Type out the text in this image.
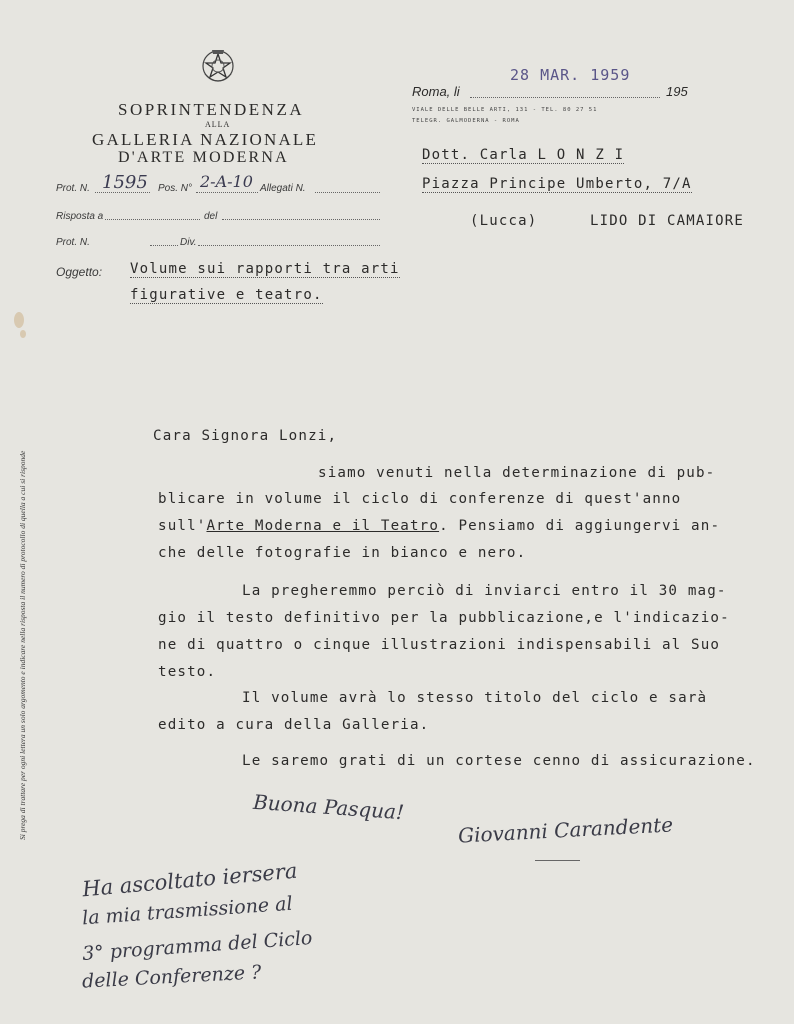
SOPRINTENDENZA
ALLA
GALLERIA NAZIONALE
D'ARTE MODERNA
Prot. N. 1595 Pos. N° 2-A-10 Allegati N.
Risposta a	del
Prot. N.	Div.
Oggetto: Volume sui rapporti tra arti
figurative e teatro.
Roma, li
28 MAR. 1959
195
VIALE DELLE BELLE ARTI, 131 - TEL. 80 27 51
TELEGR. GALMODERNA - ROMA
Dott. Carla L O N Z I
Piazza Principe Umberto, 7/A
(Lucca)	LIDO DI CAMAIORE
Si prega di trattare per ogni lettera un solo argomento e indicare nella risposta il numero di protocollo di quella a cui si risponde
Cara Signora Lonzi,
siamo venuti nella determinazione di pub-
blicare in volume il ciclo di conferenze di quest'anno
sull'Arte Moderna e il Teatro. Pensiamo di aggiungervi an-
che delle fotografie in bianco e nero.
La pregheremmo perciò di inviarci entro il 30 mag-
gio il testo definitivo per la pubblicazione,e l'indicazio-
ne di quattro o cinque illustrazioni indispensabili al Suo
testo.
Il volume avrà lo stesso titolo del ciclo e sarà
edito a cura della Galleria.
Le saremo grati di un cortese cenno di assicurazione.
Buona Pasqua!
Giovanni Carandente
Ha ascoltato iersera
la mia trasmissione al
3° programma del Ciclo
delle Conferenze ?
